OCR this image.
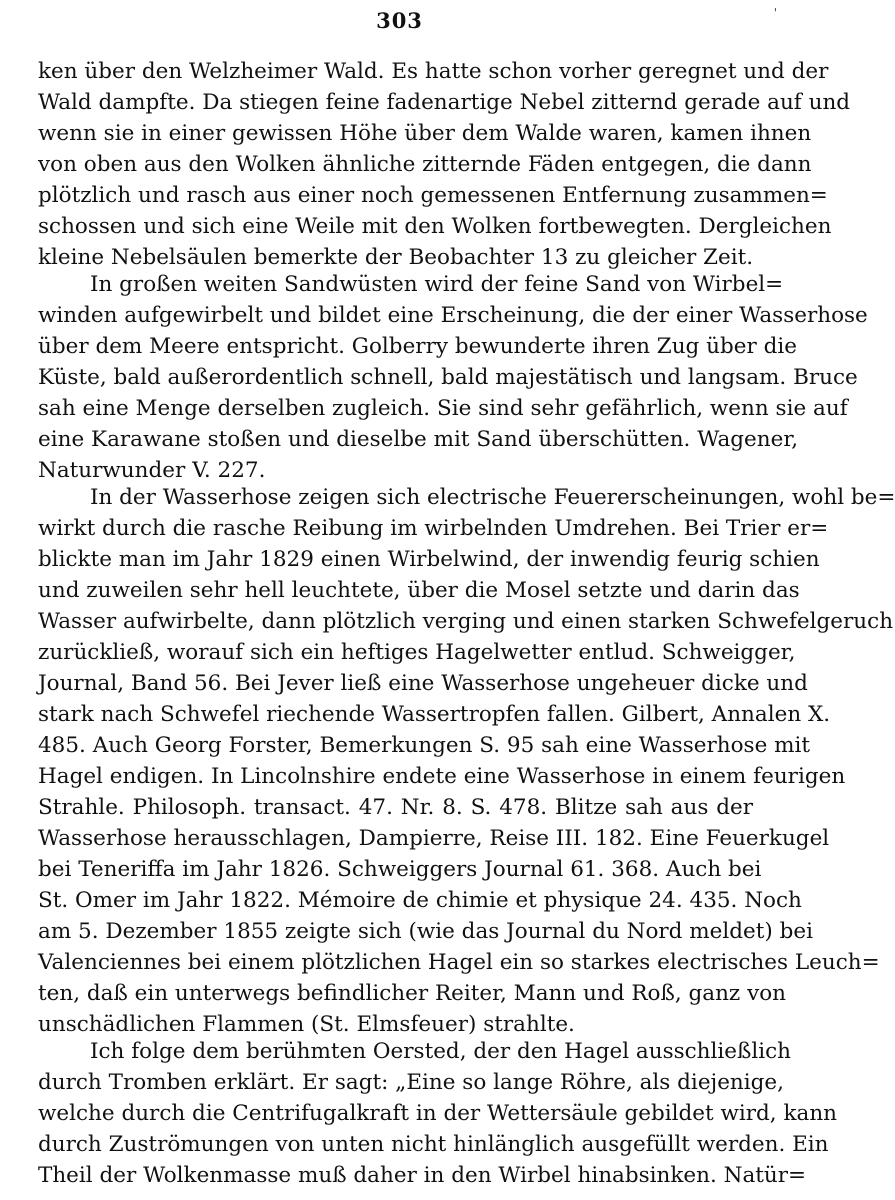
303	'
ken über den Welzheimer Wald. Es hatte schon vorher geregnet und der
Wald dampfte. Da stiegen feine fadenartige Nebel zitternd gerade auf und
wenn sie in einer gewissen Höhe über dem Walde waren, kamen ihnen
von oben aus den Wolken ähnliche zitternde Fäden entgegen, die dann
plötzlich und rasch aus einer noch gemessenen Entfernung zusammen=
schossen und sich eine Weile mit den Wolken fortbewegten. Dergleichen
kleine Nebelsäulen bemerkte der Beobachter 13 zu gleicher Zeit.
In großen weiten Sandwüsten wird der feine Sand von Wirbel=
winden aufgewirbelt und bildet eine Erscheinung, die der einer Wasserhose
über dem Meere entspricht. Golberry bewunderte ihren Zug über die
Küste, bald außerordentlich schnell, bald majestätisch und langsam. Bruce
sah eine Menge derselben zugleich. Sie sind sehr gefährlich, wenn sie auf
eine Karawane stoßen und dieselbe mit Sand überschütten. Wagener,
Naturwunder V. 227.
In der Wasserhose zeigen sich electrische Feuererscheinungen, wohl be=
wirkt durch die rasche Reibung im wirbelnden Umdrehen. Bei Trier er=
blickte man im Jahr 1829 einen Wirbelwind, der inwendig feurig schien
und zuweilen sehr hell leuchtete, über die Mosel setzte und darin das
Wasser aufwirbelte, dann plötzlich verging und einen starken Schwefelgeruch
zurückließ, worauf sich ein heftiges Hagelwetter entlud. Schweigger,
Journal, Band 56. Bei Jever ließ eine Wasserhose ungeheuer dicke und
stark nach Schwefel riechende Wassertropfen fallen. Gilbert, Annalen X.
485. Auch Georg Forster, Bemerkungen S. 95 sah eine Wasserhose mit
Hagel endigen. In Lincolnshire endete eine Wasserhose in einem feurigen
Strahle. Philosoph. transact. 47. Nr. 8. S. 478. Blitze sah aus der
Wasserhose herausschlagen, Dampierre, Reise III. 182. Eine Feuerkugel
bei Teneriffa im Jahr 1826. Schweiggers Journal 61. 368. Auch bei
St. Omer im Jahr 1822. Mémoire de chimie et physique 24. 435. Noch
am 5. Dezember 1855 zeigte sich (wie das Journal du Nord meldet) bei
Valenciennes bei einem plötzlichen Hagel ein so starkes electrisches Leuch=
ten, daß ein unterwegs befindlicher Reiter, Mann und Roß, ganz von
unschädlichen Flammen (St. Elmsfeuer) strahlte.
Ich folge dem berühmten Oersted, der den Hagel ausschließlich
durch Tromben erklärt. Er sagt: „Eine so lange Röhre, als diejenige,
welche durch die Centrifugalkraft in der Wettersäule gebildet wird, kann
durch Zuströmungen von unten nicht hinlänglich ausgefüllt werden. Ein
Theil der Wolkenmasse muß daher in den Wirbel hinabsinken. Natür=
